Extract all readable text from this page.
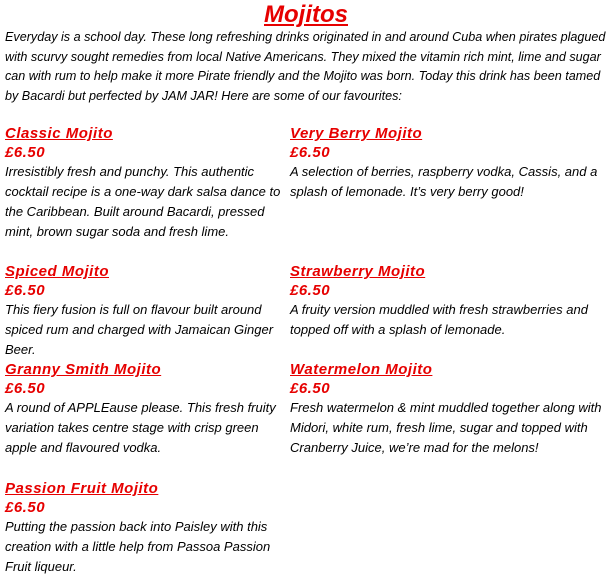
Mojitos

Everyday is a school day. These long refreshing drinks originated in and around Cuba when pirates plagued with scurvy sought remedies from local Native Americans. They mixed the vitamin rich mint, lime and sugar can with rum to help make it more Pirate friendly and the Mojito was born. Today this drink has been tamed by Bacardi but perfected by JAM JAR! Here are some of our favourites:

Classic Mojito

£6.50

Irresistibly fresh and punchy. This authentic cocktail recipe is a one-way dark salsa dance to the Caribbean. Built around Bacardi, pressed mint, brown sugar soda and fresh lime.

Very Berry Mojito

£6.50

A selection of berries, raspberry vodka, Cassis, and a splash of lemonade. It’s very berry good!

Spiced Mojito

£6.50

This fiery fusion is full on flavour built around spiced rum and charged with Jamaican Ginger Beer.

Strawberry Mojito

£6.50

A fruity version muddled with fresh strawberries and topped off with a splash of lemonade.

Granny Smith Mojito

£6.50

A round of APPLEause please. This fresh fruity variation takes centre stage with crisp green apple and flavoured vodka.

Watermelon Mojito

£6.50

Fresh watermelon & mint muddled together along with Midori, white rum, fresh lime, sugar and topped with Cranberry Juice, we’re mad for the melons!

Passion Fruit Mojito

£6.50

Putting the passion back into Paisley with this creation with a little help from Passoa Passion Fruit liqueur.
